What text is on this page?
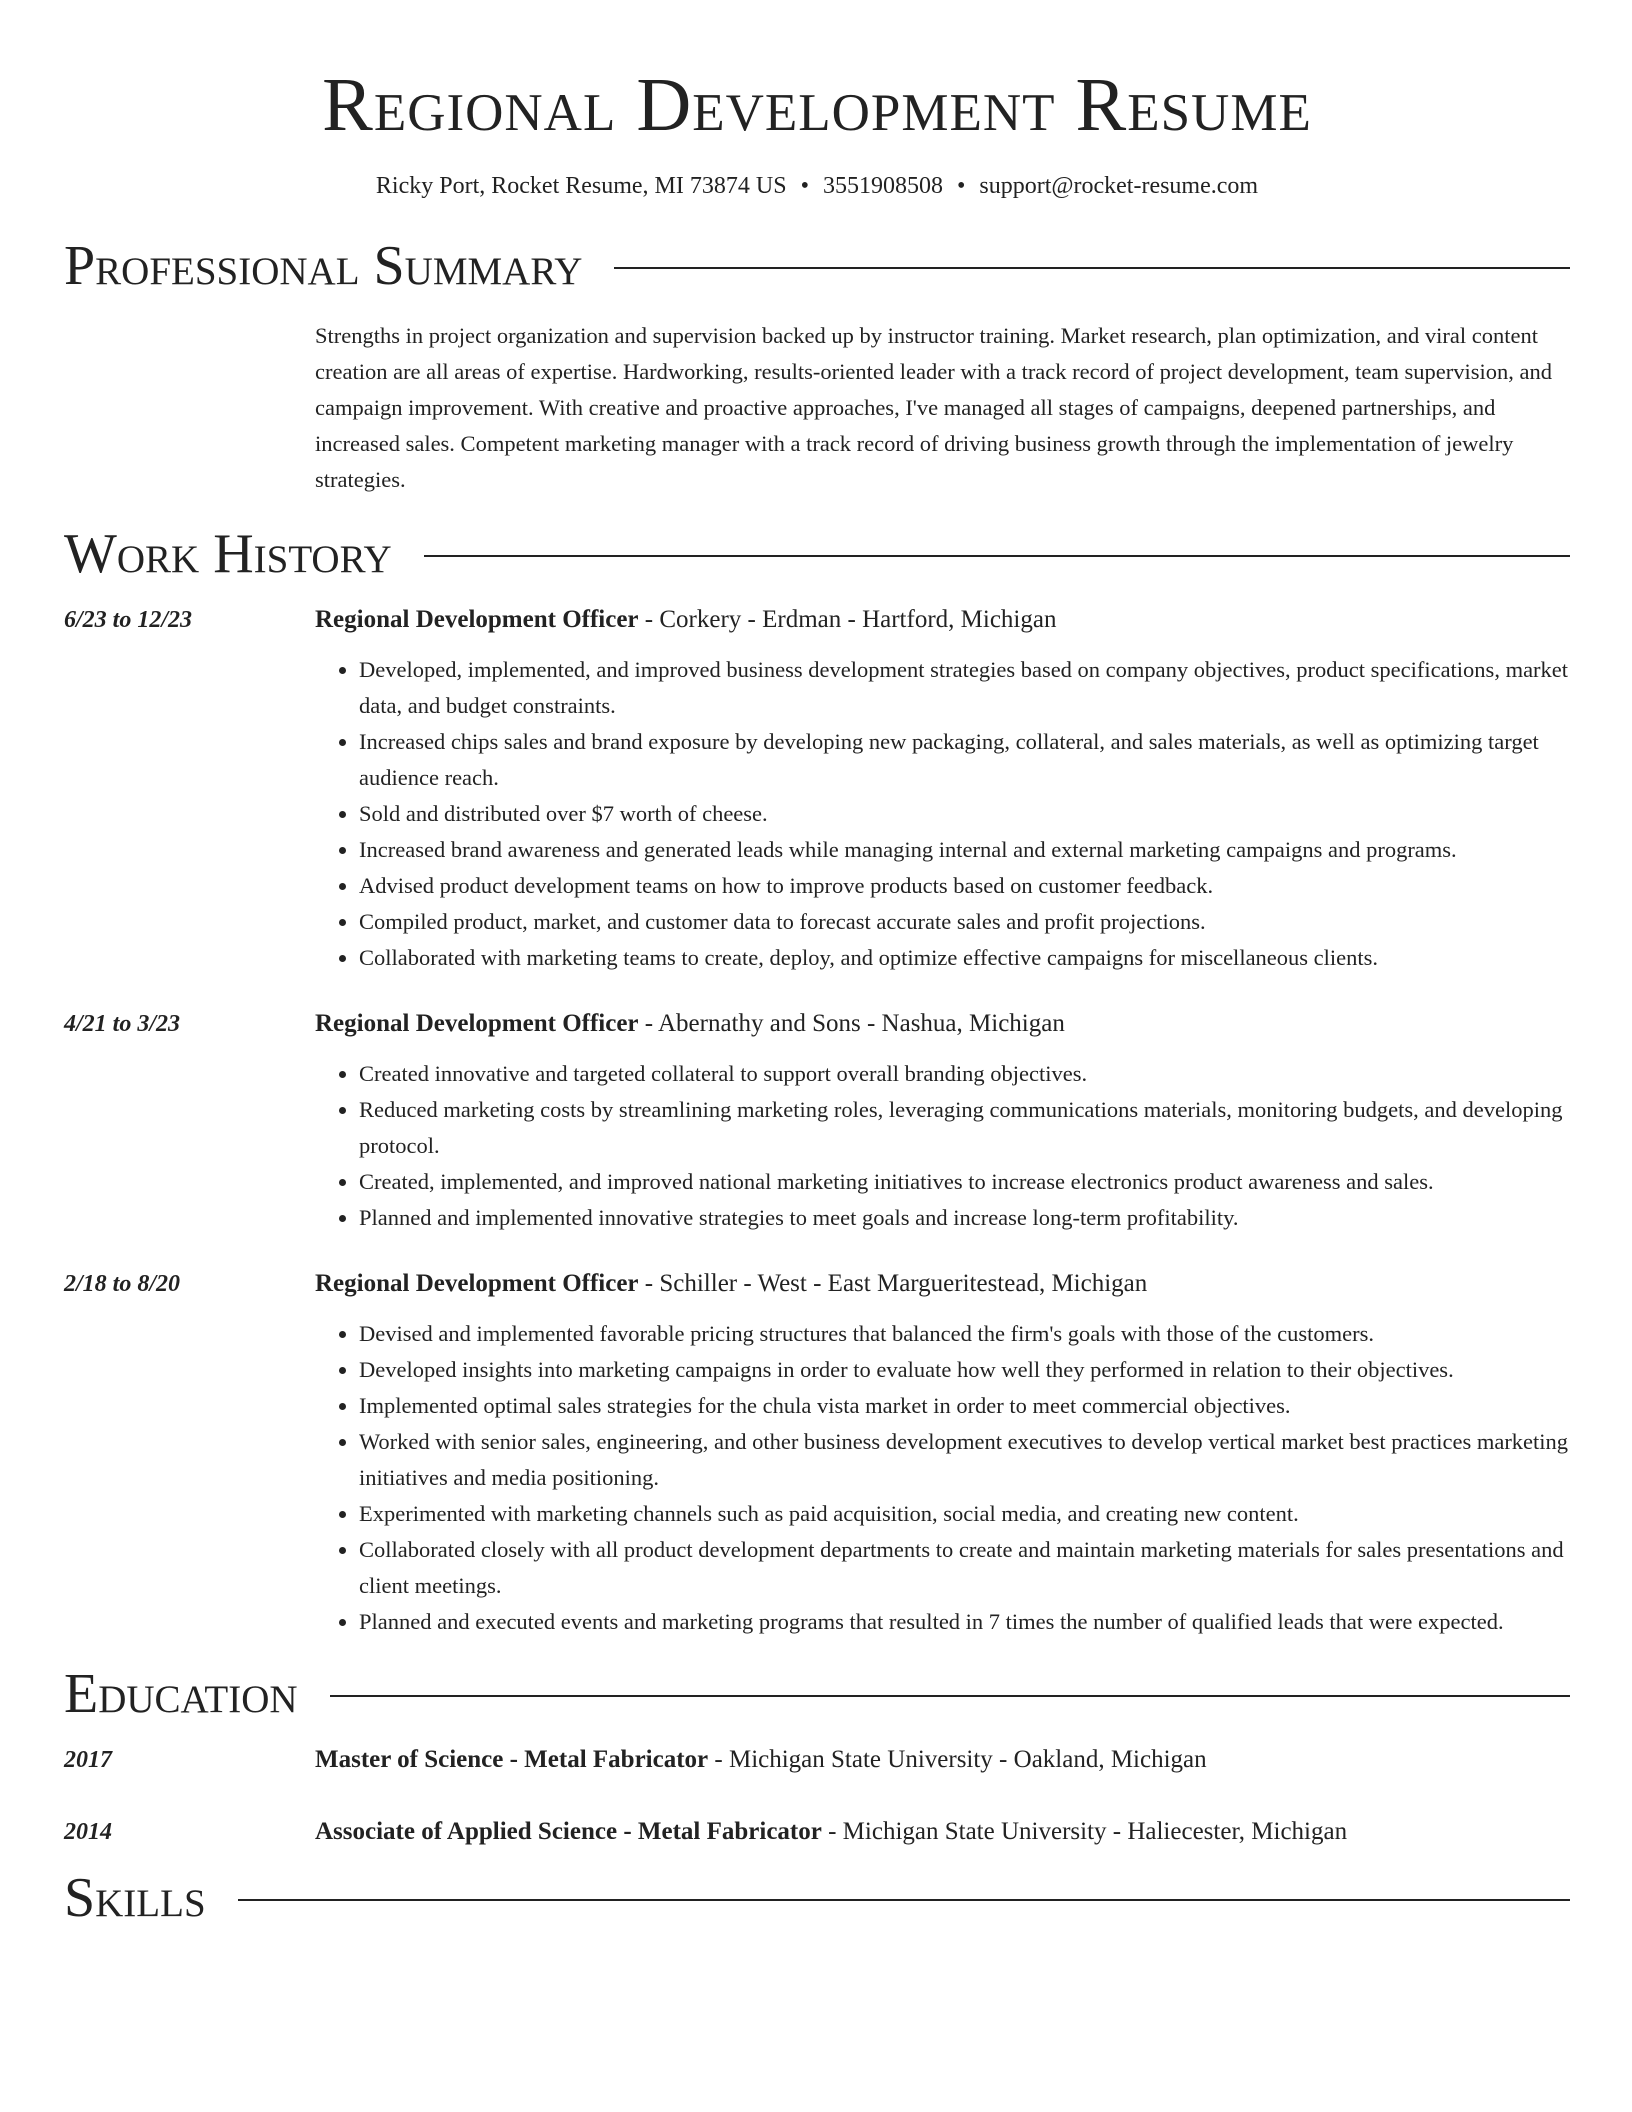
Regional Development Resume
Ricky Port, Rocket Resume, MI 73874 US • 3551908508 • support@rocket-resume.com
Professional Summary
Strengths in project organization and supervision backed up by instructor training. Market research, plan optimization, and viral content creation are all areas of expertise. Hardworking, results-oriented leader with a track record of project development, team supervision, and campaign improvement. With creative and proactive approaches, I've managed all stages of campaigns, deepened partnerships, and increased sales. Competent marketing manager with a track record of driving business growth through the implementation of jewelry strategies.
Work History
6/23 to 12/23	Regional Development Officer - Corkery - Erdman - Hartford, Michigan
• Developed, implemented, and improved business development strategies based on company objectives, product specifications, market data, and budget constraints.
• Increased chips sales and brand exposure by developing new packaging, collateral, and sales materials, as well as optimizing target audience reach.
• Sold and distributed over $7 worth of cheese.
• Increased brand awareness and generated leads while managing internal and external marketing campaigns and programs.
• Advised product development teams on how to improve products based on customer feedback.
• Compiled product, market, and customer data to forecast accurate sales and profit projections.
• Collaborated with marketing teams to create, deploy, and optimize effective campaigns for miscellaneous clients.
4/21 to 3/23	Regional Development Officer - Abernathy and Sons - Nashua, Michigan
• Created innovative and targeted collateral to support overall branding objectives.
• Reduced marketing costs by streamlining marketing roles, leveraging communications materials, monitoring budgets, and developing protocol.
• Created, implemented, and improved national marketing initiatives to increase electronics product awareness and sales.
• Planned and implemented innovative strategies to meet goals and increase long-term profitability.
2/18 to 8/20	Regional Development Officer - Schiller - West - East Margueritestead, Michigan
• Devised and implemented favorable pricing structures that balanced the firm's goals with those of the customers.
• Developed insights into marketing campaigns in order to evaluate how well they performed in relation to their objectives.
• Implemented optimal sales strategies for the chula vista market in order to meet commercial objectives.
• Worked with senior sales, engineering, and other business development executives to develop vertical market best practices marketing initiatives and media positioning.
• Experimented with marketing channels such as paid acquisition, social media, and creating new content.
• Collaborated closely with all product development departments to create and maintain marketing materials for sales presentations and client meetings.
• Planned and executed events and marketing programs that resulted in 7 times the number of qualified leads that were expected.
Education
2017	Master of Science - Metal Fabricator - Michigan State University - Oakland, Michigan
2014	Associate of Applied Science - Metal Fabricator - Michigan State University - Haliecester, Michigan
Skills
